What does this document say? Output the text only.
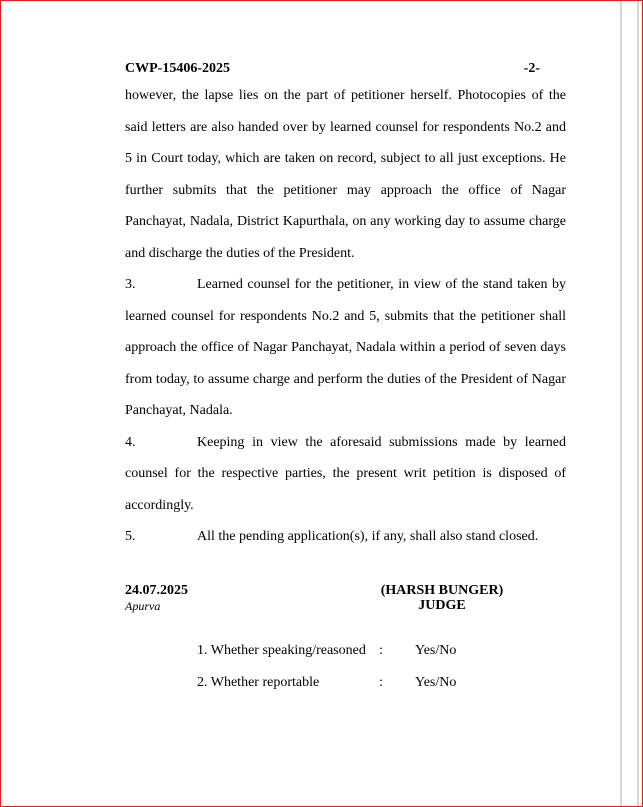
CWP-15406-2025	-2-

however, the lapse lies on the part of petitioner herself. Photocopies of the said letters are also handed over by learned counsel for respondents No.2 and 5 in Court today, which are taken on record, subject to all just exceptions. He further submits that the petitioner may approach the office of Nagar Panchayat, Nadala, District Kapurthala, on any working day to assume charge and discharge the duties of the President.

3.	Learned counsel for the petitioner, in view of the stand taken by learned counsel for respondents No.2 and 5, submits that the petitioner shall approach the office of Nagar Panchayat, Nadala within a period of seven days from today, to assume charge and perform the duties of the President of Nagar Panchayat, Nadala.

4.	Keeping in view the aforesaid submissions made by learned counsel for the respective parties, the present writ petition is disposed of accordingly.

5.	All the pending application(s), if any, shall also stand closed.

24.07.2025
Apurva
(HARSH BUNGER)
JUDGE
1. Whether speaking/reasoned :	Yes/No
2. Whether reportable	:	Yes/No
